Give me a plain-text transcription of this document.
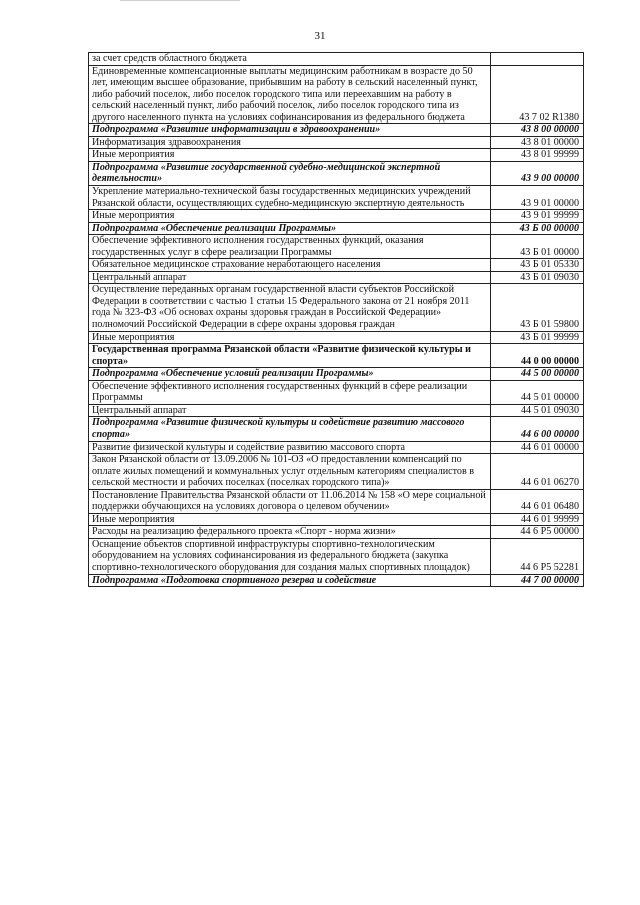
31
за счет средств областного бюджета	
Единовременные компенсационные выплаты медицинским работникам в возрасте до 50 лет, имеющим высшее образование, прибывшим на работу в сельский населенный пункт, либо рабочий поселок, либо поселок городского типа или переехавшим на работу в сельский населенный пункт, либо рабочий поселок, либо поселок городского типа из другого населенного пункта на условиях софинансирования из федерального бюджета	43 7 02 R1380
Подпрограмма «Развитие информатизации в здравоохранении»	43 8 00 00000
Информатизация здравоохранения	43 8 01 00000
Иные мероприятия	43 8 01 99999
Подпрограмма «Развитие государственной судебно-медицинской экспертной деятельности»	43 9 00 00000
Укрепление материально-технической базы государственных медицинских учреждений Рязанской области, осуществляющих судебно-медицинскую экспертную деятельность	43 9 01 00000
Иные мероприятия	43 9 01 99999
Подпрограмма «Обеспечение реализации Программы»	43 Б 00 00000
Обеспечение эффективного исполнения государственных функций, оказания государственных услуг в сфере реализации Программы	43 Б 01 00000
Обязательное медицинское страхование неработающего населения	43 Б 01 05330
Центральный аппарат	43 Б 01 09030
Осуществление переданных органам государственной власти субъектов Российской Федерации в соответствии с частью 1 статьи 15 Федерального закона от 21 ноября 2011 года № 323-ФЗ «Об основах охраны здоровья граждан в Российской Федерации» полномочий Российской Федерации в сфере охраны здоровья граждан	43 Б 01 59800
Иные мероприятия	43 Б 01 99999
Государственная программа Рязанской области «Развитие физической культуры и спорта»	44 0 00 00000
Подпрограмма «Обеспечение условий реализации Программы»	44 5 00 00000
Обеспечение эффективного исполнения государственных функций в сфере реализации Программы	44 5 01 00000
Центральный аппарат	44 5 01 09030
Подпрограмма «Развитие физической культуры и содействие развитию массового спорта»	44 6 00 00000
Развитие физической культуры и содействие развитию массового спорта	44 6 01 00000
Закон Рязанской области от 13.09.2006 № 101-ОЗ «О предоставлении компенсаций по оплате жилых помещений и коммунальных услуг отдельным категориям специалистов в сельской местности и рабочих поселках (поселках городского типа)»	44 6 01 06270
Постановление Правительства Рязанской области от 11.06.2014 № 158 «О мере социальной поддержки обучающихся на условиях договора о целевом обучении»	44 6 01 06480
Иные мероприятия	44 6 01 99999
Расходы на реализацию федерального проекта «Спорт - норма жизни»	44 6 P5 00000
Оснащение объектов спортивной инфраструктуры спортивно-технологическим оборудованием на условиях софинансирования из федерального бюджета (закупка спортивно-технологического оборудования для создания малых спортивных площадок)	44 6 P5 52281
Подпрограмма «Подготовка спортивного резерва и содействие	44 7 00 00000
